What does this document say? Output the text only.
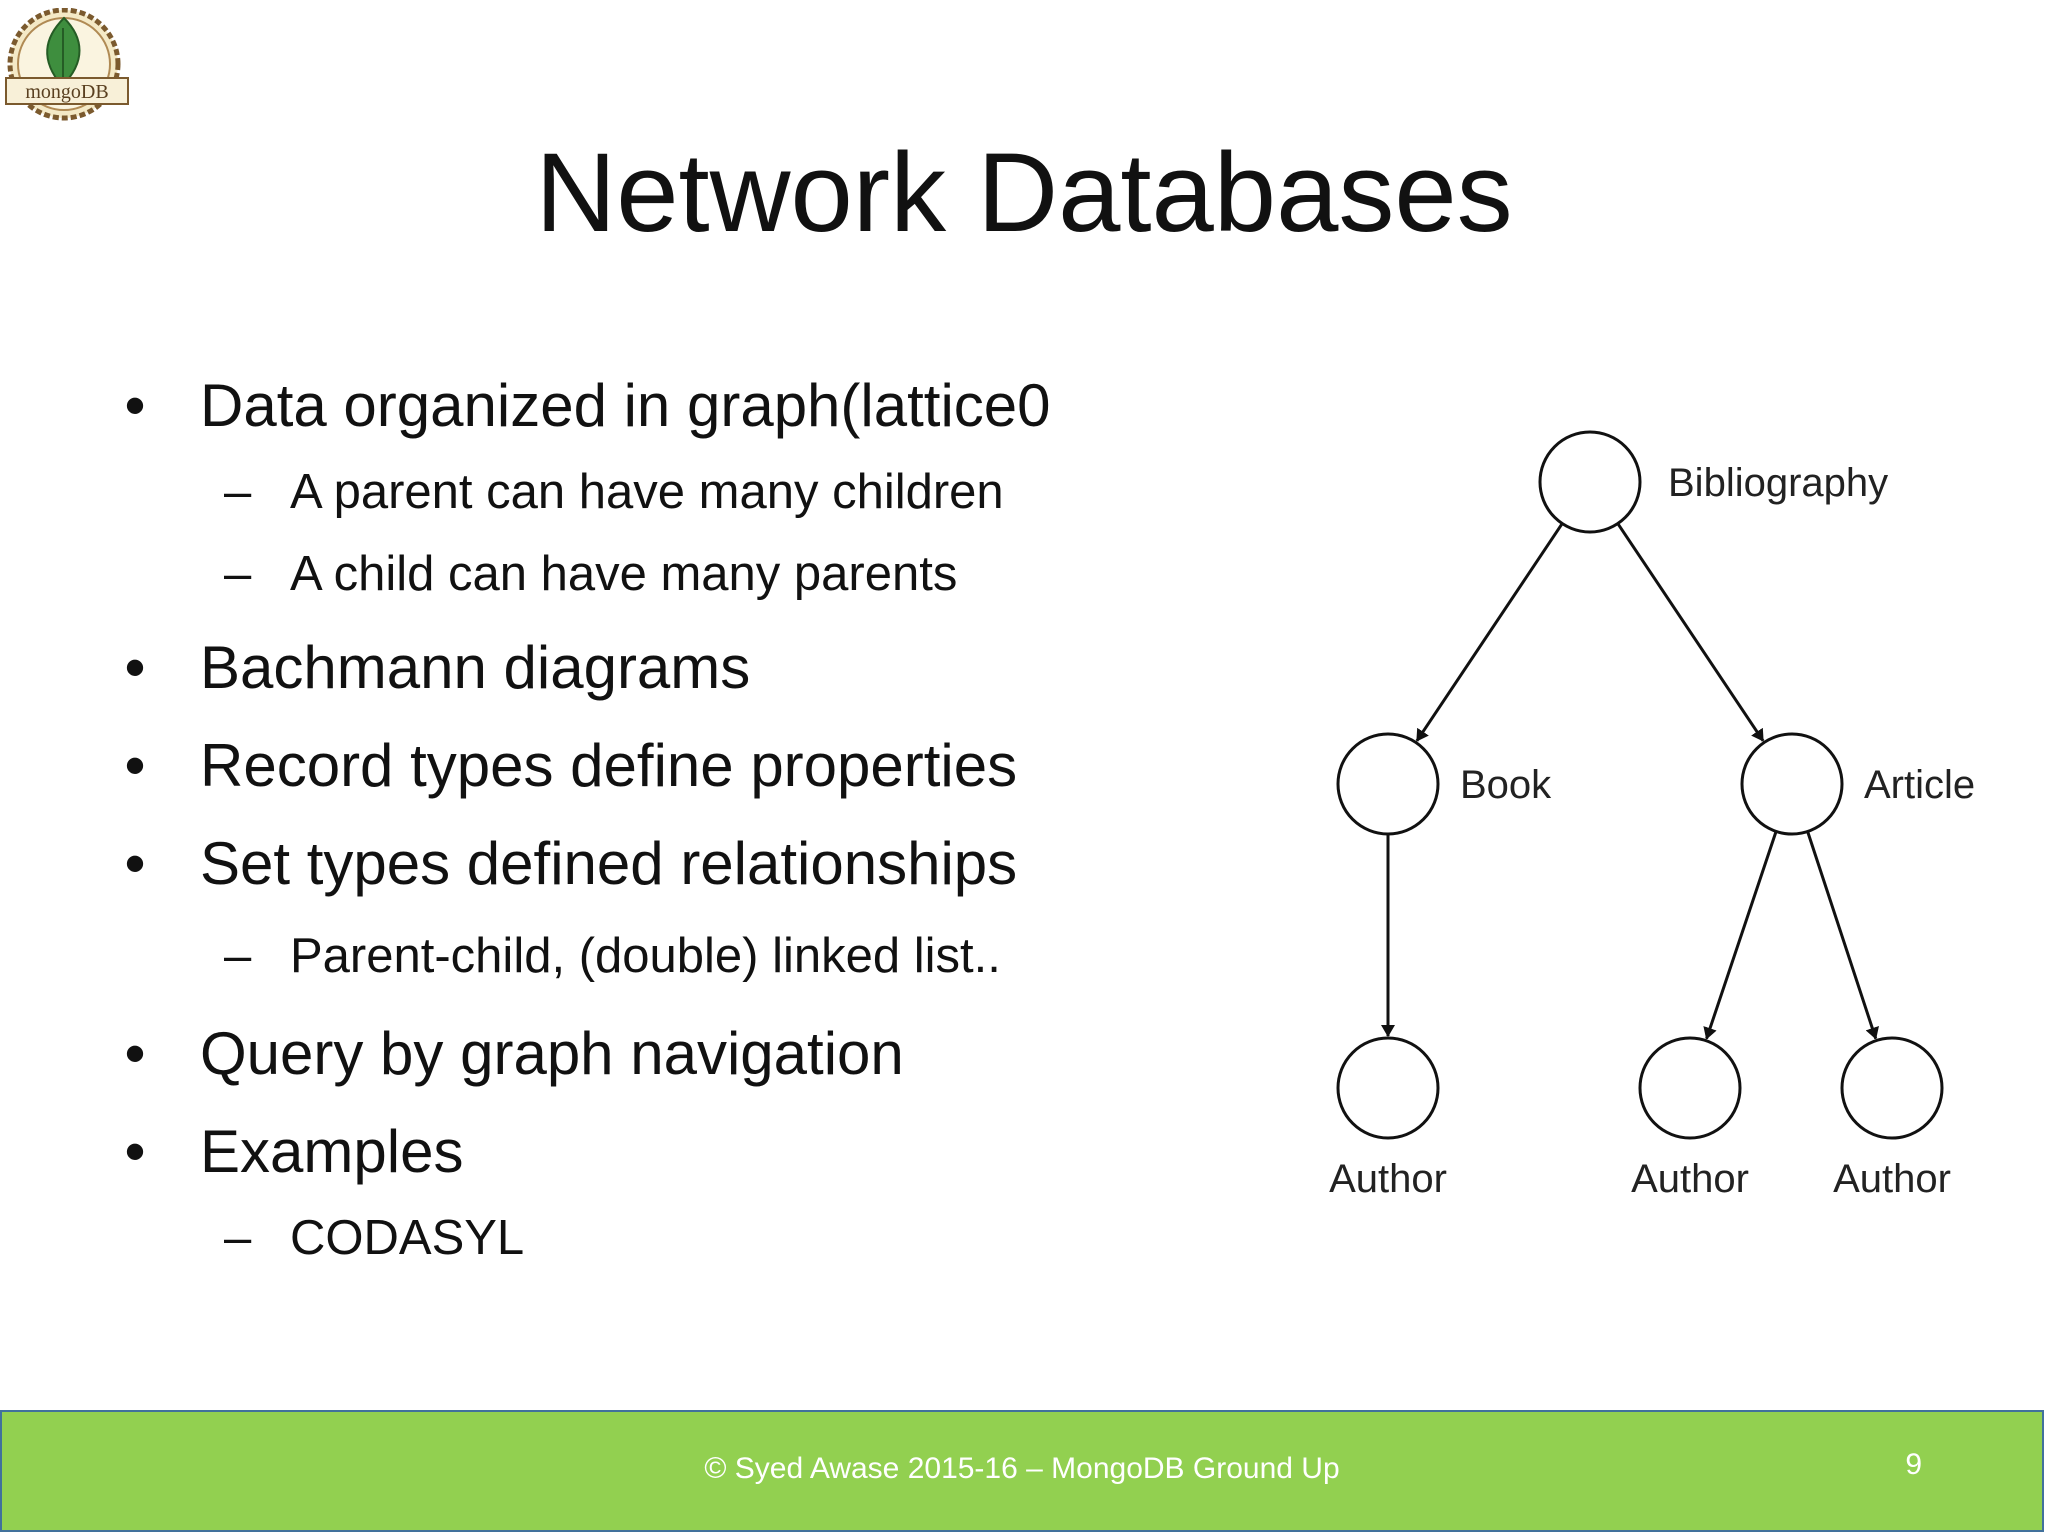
mongoDB
Network Databases
• Data organized in graph(lattice0
– A parent can have many children
– A child can have many parents
• Bachmann diagrams
• Record types define properties
• Set types defined relationships
– Parent-child, (double) linked list..
• Query by graph navigation
• Examples
– CODASYL
Bibliography
Book	Article
Author	Author Author
© Syed Awase 2015-16 – MongoDB Ground Up	9
